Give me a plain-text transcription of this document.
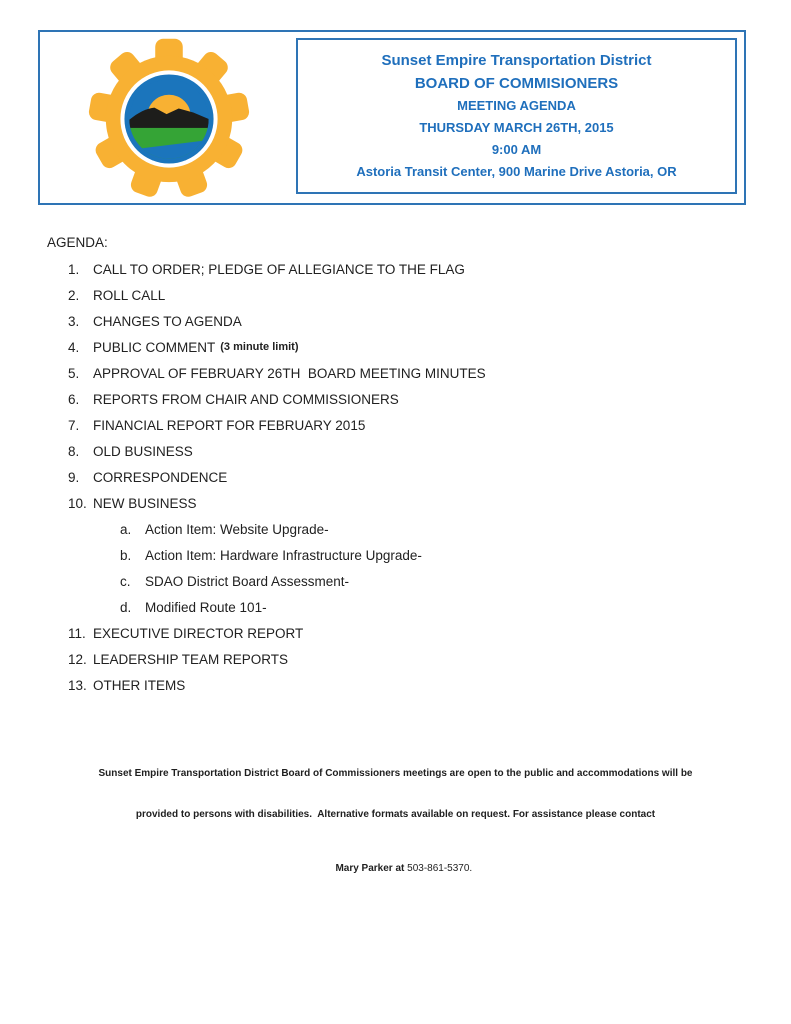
Sunset Empire Transportation District
BOARD OF COMMISIONERS
MEETING AGENDA
THURSDAY MARCH 26TH, 2015
9:00 AM
Astoria Transit Center, 900 Marine Drive Astoria, OR
AGENDA:
1.	CALL TO ORDER; PLEDGE OF ALLEGIANCE TO THE FLAG
2.	ROLL CALL
3.	CHANGES TO AGENDA
4.	PUBLIC COMMENT (3 minute limit)
5.	APPROVAL OF FEBRUARY 26TH  BOARD MEETING MINUTES
6.	REPORTS FROM CHAIR AND COMMISSIONERS
7.	FINANCIAL REPORT FOR FEBRUARY 2015
8.	OLD BUSINESS
9.	CORRESPONDENCE
10. NEW BUSINESS
a.	Action Item: Website Upgrade-
b.	Action Item: Hardware Infrastructure Upgrade-
c.	SDAO District Board Assessment-
d.	Modified Route 101-
11. EXECUTIVE DIRECTOR REPORT
12. LEADERSHIP TEAM REPORTS
13. OTHER ITEMS

Sunset Empire Transportation District Board of Commissioners meetings are open to the public and accommodations will be

provided to persons with disabilities.  Alternative formats available on request. For assistance please contact

Mary Parker at 503-861-5370.
